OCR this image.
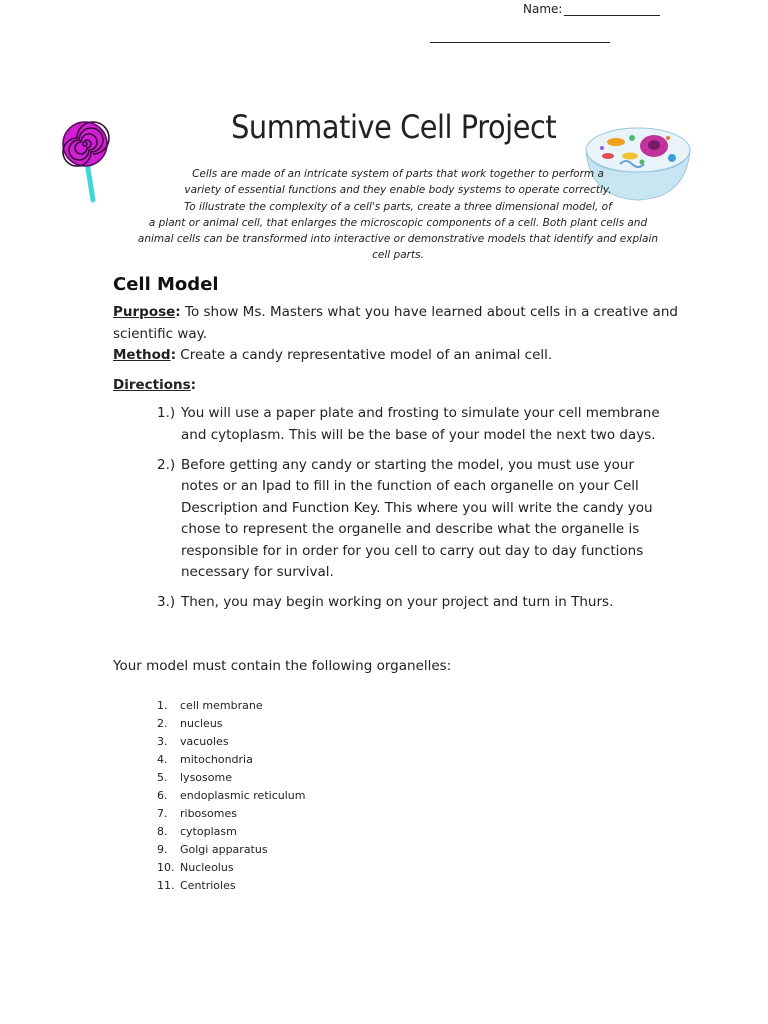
Name:
Summative Cell Project
Cells are made of an intricate system of parts that work together to perform a
variety of essential functions and they enable body systems to operate correctly.
To illustrate the complexity of a cell's parts, create a three dimensional model, of
a plant or animal cell, that enlarges the microscopic components of a cell. Both plant cells and
animal cells can be transformed into interactive or demonstrative models that identify and explain
cell parts.
Cell Model
Purpose: To show Ms. Masters what you have learned about cells in a creative and scientific way.
Method: Create a candy representative model of an animal cell.
Directions:
1.) You will use a paper plate and frosting to simulate your cell membrane and cytoplasm. This will be the base of your model the next two days.
2.) Before getting any candy or starting the model, you must use your notes or an Ipad to fill in the function of each organelle on your Cell Description and Function Key. This where you will write the candy you chose to represent the organelle and describe what the organelle is responsible for in order for you cell to carry out day to day functions necessary for survival.
3.) Then, you may begin working on your project and turn in Thurs.
Your model must contain the following organelles:
1.	cell membrane
2.	nucleus
3.	vacuoles
4.	mitochondria
5.	lysosome
6.	endoplasmic reticulum
7.	ribosomes
8.	cytoplasm
9.	Golgi apparatus
10. Nucleolus
11. Centrioles
